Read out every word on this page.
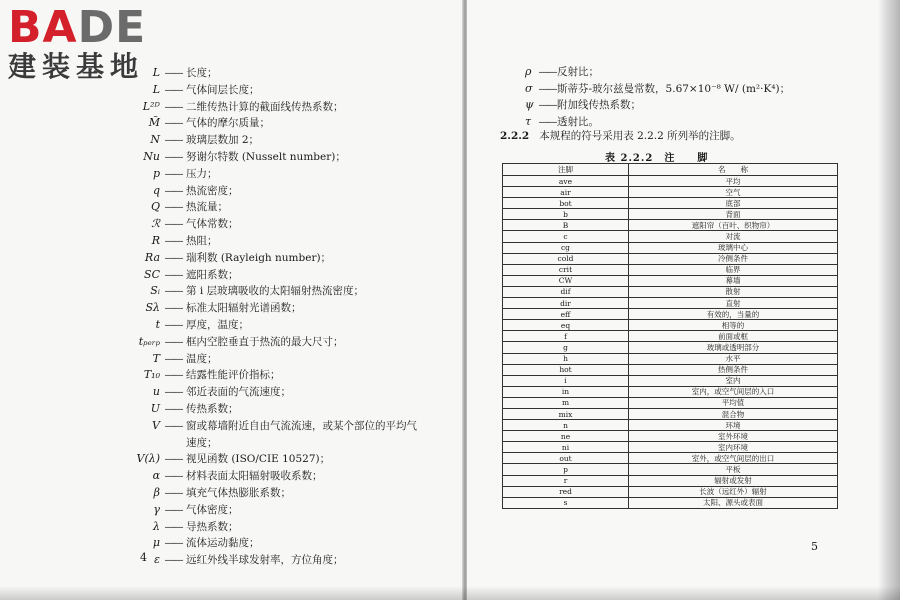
BADE
建装基地 L —— 长度；
L —— 气体间层长度；
L²ᴰ —— 二维传热计算的截面线传热系数；
M̃ —— 气体的摩尔质量；
N —— 玻璃层数加 2；
Nu —— 努谢尔特数 (Nusselt number)；
p —— 压力；
q —— 热流密度；
Q —— 热流量；
ℛ —— 气体常数；
R —— 热阻；
Ra —— 瑞利数 (Rayleigh number)；
SC —— 遮阳系数；
Sᵢ —— 第 i 层玻璃吸收的太阳辐射热流密度；
Sλ —— 标准太阳辐射光谱函数；
t —— 厚度，温度；
tₚₑᵣₚ —— 框内空腔垂直于热流的最大尺寸；
T —— 温度；
T₁₀ —— 结露性能评价指标；
u —— 邻近表面的气流速度；
U —— 传热系数；
V —— 窗或幕墙附近自由气流流速，或某个部位的平均气
速度；
V(λ) —— 视见函数 (ISO/CIE 10527)；
α —— 材料表面太阳辐射吸收系数；
β —— 填充气体热膨胀系数；
γ —— 气体密度；
λ —— 导热系数；
μ —— 流体运动黏度；
ε —— 远红外线半球发射率，方位角度；
4
5
ρ —— 反射比；
σ —— 斯蒂芬-玻尔兹曼常数，5.67×10⁻⁸ W/ (m²·K⁴)；
ψ —— 附加线传热系数；
τ —— 透射比。
2.2.2 本规程的符号采用表 2.2.2 所列举的注脚。
表 2.2.2　注　　脚
注脚	名　　称
ave	平均
air	空气
bot	底部
b	背面
B	遮阳帘（百叶、织物帘）
c	对流
cg	玻璃中心
cold	冷侧条件
crit	临界
CW	幕墙
dif	散射
dir	直射
eff	有效的，当量的
eq	相等的
f	前面或框
g	玻璃或透明部分
h	水平
hot	热侧条件
i	室内
in	室内，或空气间层的入口
m	平均值
mix	混合物
n	环境
ne	室外环境
ni	室内环境
out	室外，或空气间层的出口
p	平板
r	辐射或发射
red	长波（远红外）辐射
s	太阳、源头或表面
